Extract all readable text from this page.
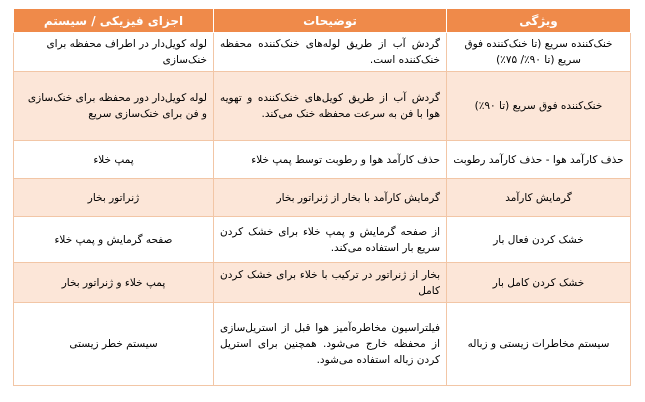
ویژگی	توضیحات	اجزای فیزیکی / سیستم
خنک‌کننده سریع (تا خنک‌کننده فوق سریع (تا ۹۰٪/ ۷۵٪)	گردش آب از طریق لوله‌های خنک‌کننده محفظه خنک‌کننده است.	لوله کویل‌دار در اطراف محفظه برای خنک‌سازی
خنک‌کننده فوق سریع (تا ۹۰٪)	گردش آب از طریق کویل‌های خنک‌کننده و تهویه هوا با فن به سرعت محفظه خنک می‌کند.	لوله کویل‌دار دور محفظه برای خنک‌سازی و فن برای خنک‌سازی سریع
حذف کارآمد هوا - حذف کارآمد رطوبت	حذف کارآمد هوا و رطوبت توسط پمپ خلاء	پمپ خلاء
گرمایش کارآمد	گرمایش کارآمد با بخار از ژنراتور بخار	ژنراتور بخار
خشک کردن فعال بار	از صفحه گرمایش و پمپ خلاء برای خشک کردن سریع بار استفاده می‌کند.	صفحه گرمایش و پمپ خلاء
خشک کردن کامل بار	بخار از ژنراتور در ترکیب با خلاء برای خشک کردن کامل	پمپ خلاء و ژنراتور بخار
سیستم مخاطرات زیستی و زباله	فیلتراسیون مخاطره‌آمیز هوا قبل از استریل‌سازی از محفظه خارج می‌شود. همچنین برای استریل کردن زباله استفاده می‌شود.	سیستم خطر زیستی
